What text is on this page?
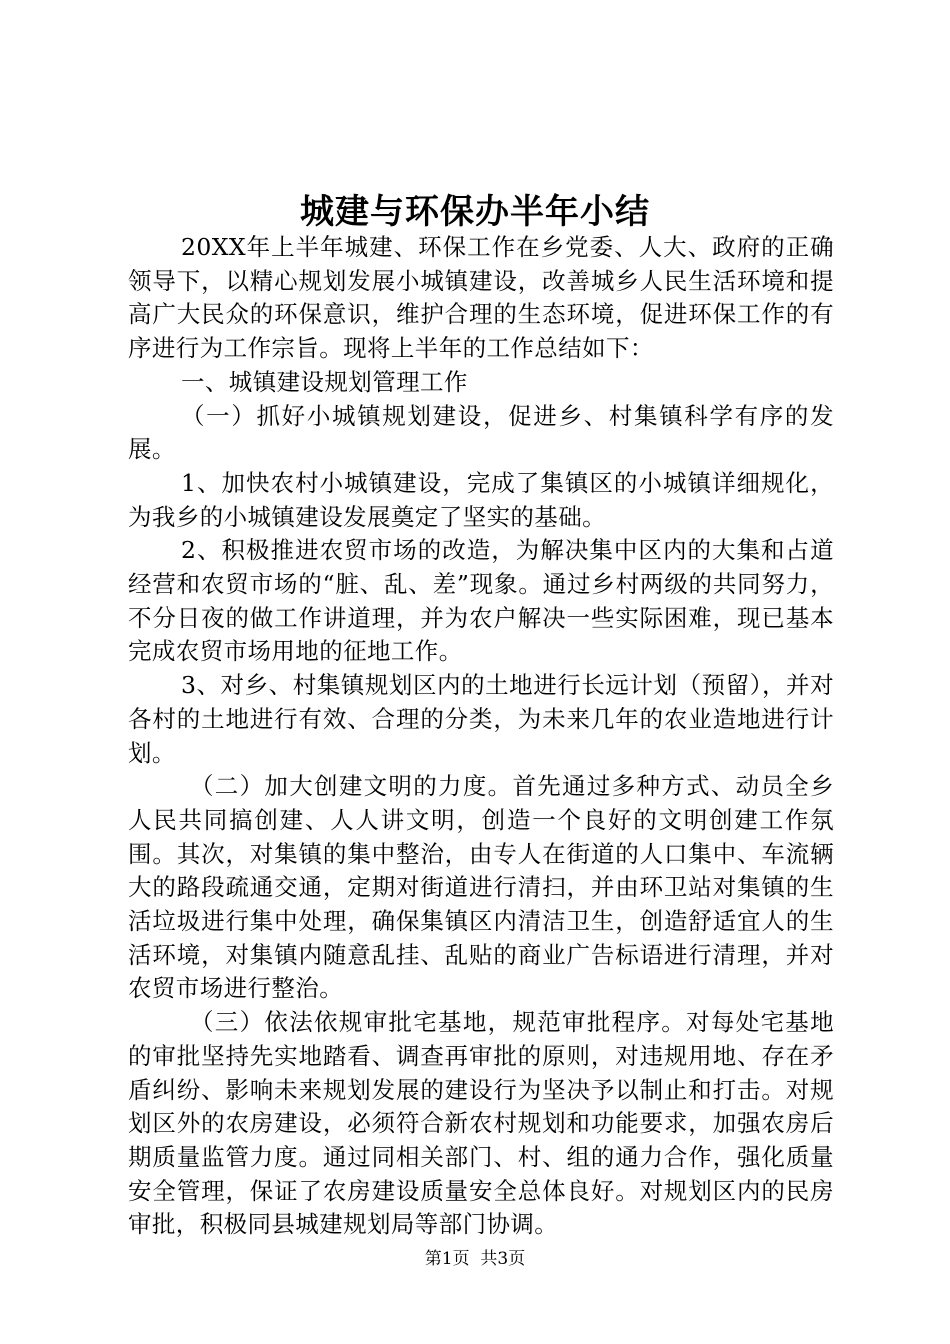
城建与环保办半年小结

20XX年上半年城建、环保工作在乡党委、人大、政府的正确领导下，以精心规划发展小城镇建设，改善城乡人民生活环境和提高广大民众的环保意识，维护合理的生态环境，促进环保工作的有序进行为工作宗旨。现将上半年的工作总结如下：

一、城镇建设规划管理工作

（一）抓好小城镇规划建设，促进乡、村集镇科学有序的发展。

1、加快农村小城镇建设，完成了集镇区的小城镇详细规化，为我乡的小城镇建设发展奠定了坚实的基础。

2、积极推进农贸市场的改造，为解决集中区内的大集和占道经营和农贸市场的“脏、乱、差”现象。通过乡村两级的共同努力，不分日夜的做工作讲道理，并为农户解决一些实际困难，现已基本完成农贸市场用地的征地工作。

3、对乡、村集镇规划区内的土地进行长远计划（预留），并对各村的土地进行有效、合理的分类，为未来几年的农业造地进行计划。

（二）加大创建文明的力度。首先通过多种方式、动员全乡人民共同搞创建、人人讲文明，创造一个良好的文明创建工作氛围。其次，对集镇的集中整治，由专人在街道的人口集中、车流辆大的路段疏通交通，定期对街道进行清扫，并由环卫站对集镇的生活垃圾进行集中处理，确保集镇区内清洁卫生，创造舒适宜人的生活环境，对集镇内随意乱挂、乱贴的商业广告标语进行清理，并对农贸市场进行整治。

（三）依法依规审批宅基地，规范审批程序。对每处宅基地的审批坚持先实地踏看、调查再审批的原则，对违规用地、存在矛盾纠纷、影响未来规划发展的建设行为坚决予以制止和打击。对规划区外的农房建设，必须符合新农村规划和功能要求，加强农房后期质量监管力度。通过同相关部门、村、组的通力合作，强化质量安全管理，保证了农房建设质量安全总体良好。对规划区内的民房审批，积极同县城建规划局等部门协调。

第1页 共3页
